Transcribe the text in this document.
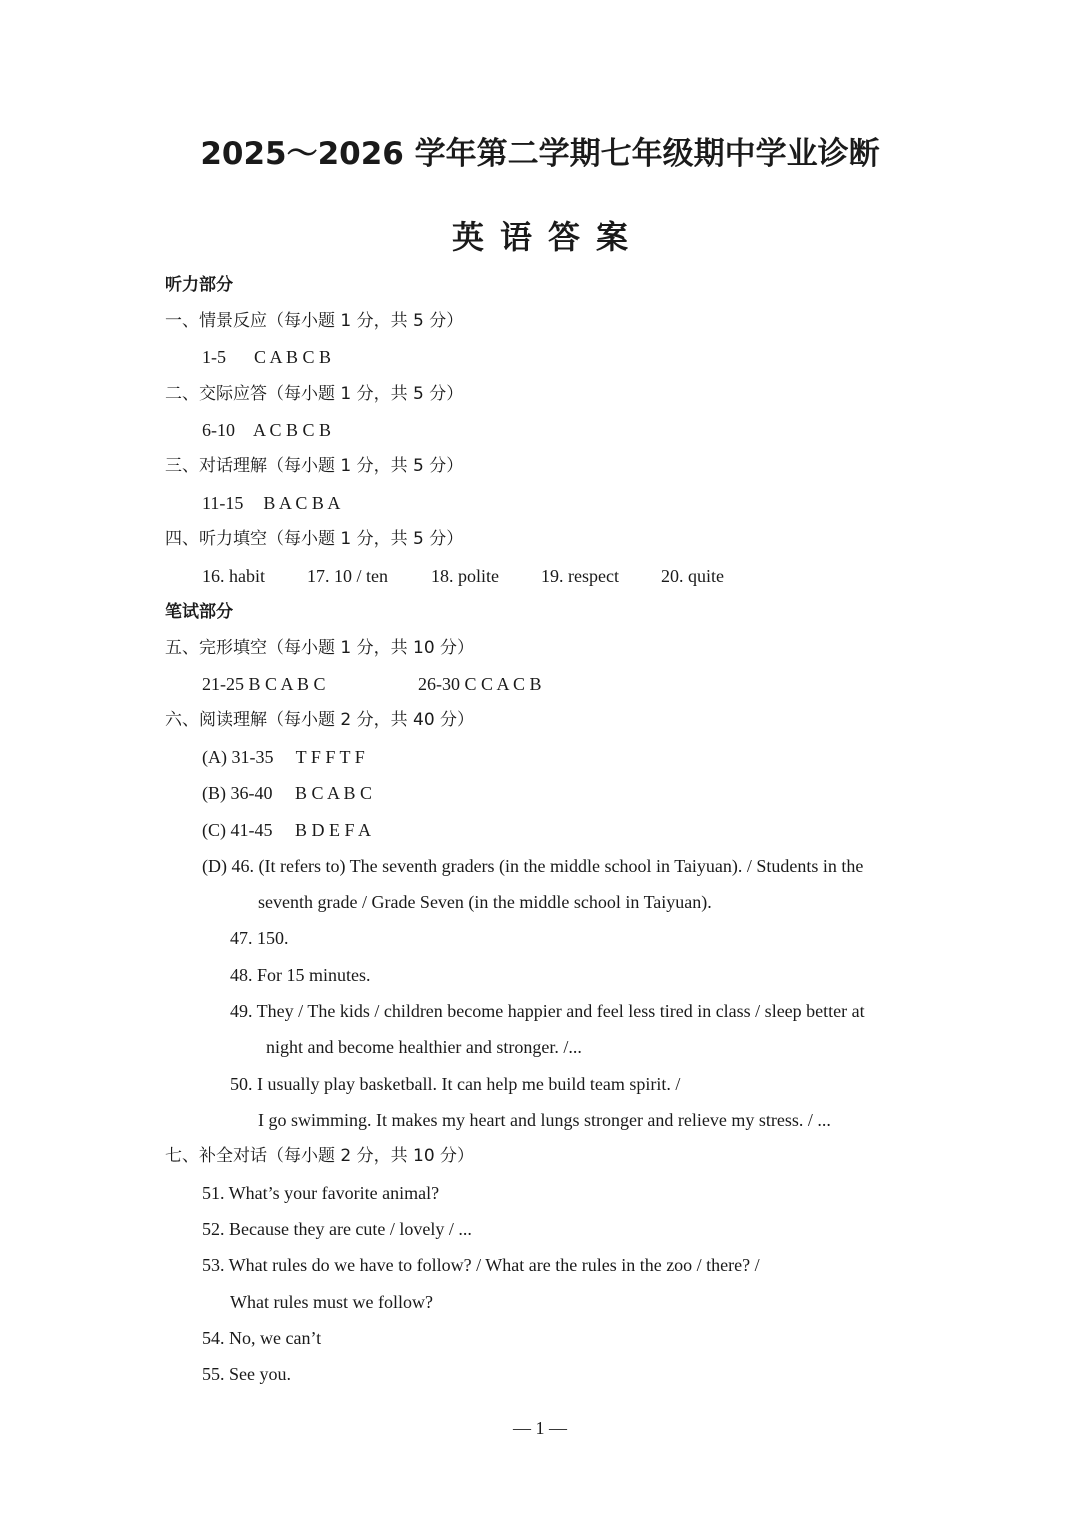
2025～2026 学年第二学期七年级期中学业诊断
英语答案
听力部分
一、情景反应（每小题 1 分，共 5 分）
1-5 C A B C B
二、交际应答（每小题 1 分，共 5 分）
6-10 A C B C B
三、对话理解（每小题 1 分，共 5 分）
11-15 B A C B A
四、听力填空（每小题 1 分，共 5 分）
16. habit 17. 10 / ten 18. polite 19. respect 20. quite
笔试部分
五、完形填空（每小题 1 分，共 10 分）
21-25 B C A B C	26-30 C C A C B
六、阅读理解（每小题 2 分，共 40 分）
(A) 31-35　 T F F T F
(B) 36-40　 B C A B C
(C) 41-45　 B D E F A
(D) 46. (It refers to) The seventh graders (in the middle school in Taiyuan). / Students in the
seventh grade / Grade Seven (in the middle school in Taiyuan).
47. 150.
48. For 15 minutes.
49. They / The kids / children become happier and feel less tired in class / sleep better at
night and become healthier and stronger. /...
50. I usually play basketball. It can help me build team spirit. /
I go swimming. It makes my heart and lungs stronger and relieve my stress. / ...
七、补全对话（每小题 2 分，共 10 分）
51. What’s your favorite animal?
52. Because they are cute / lovely / ...
53. What rules do we have to follow? / What are the rules in the zoo / there? /
What rules must we follow?
54. No, we can’t
55. See you.
— 1 —
